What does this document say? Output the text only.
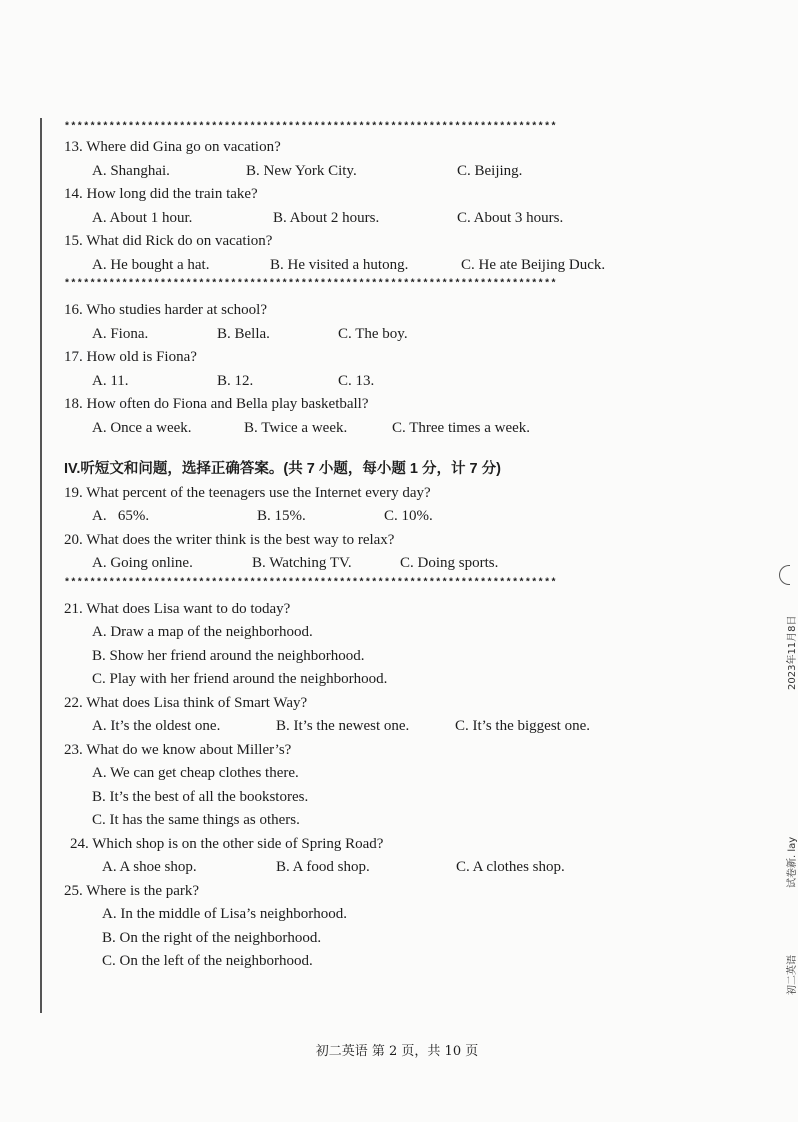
*****************************************************************************
13. Where did Gina go on vacation?
A. Shanghai.	B. New York City.	C. Beijing.
14. How long did the train take?
A. About 1 hour.	B. About 2 hours.	C. About 3 hours.
15. What did Rick do on vacation?
A. He bought a hat.	B. He visited a hutong.	C. He ate Beijing Duck.
*****************************************************************************
16. Who studies harder at school?
A. Fiona.	B. Bella.	C. The boy.
17. How old is Fiona?
A. 11.	B. 12.	C. 13.
18. How often do Fiona and Bella play basketball?
A. Once a week.	B. Twice a week.	C. Three times a week.
IV.听短文和问题，选择正确答案。(共 7 小题，每小题 1 分，计 7 分)
19. What percent of the teenagers use the Internet every day?
A.   65%.	B. 15%.	C. 10%.
20. What does the writer think is the best way to relax?
A. Going online.	B. Watching TV.	C. Doing sports.
*****************************************************************************
21. What does Lisa want to do today?
A. Draw a map of the neighborhood.
B. Show her friend around the neighborhood.
C. Play with her friend around the neighborhood.
22. What does Lisa think of Smart Way?
A. It’s the oldest one.	B. It’s the newest one.	C. It’s the biggest one.
23. What do we know about Miller’s?
A. We can get cheap clothes there.
B. It’s the best of all the bookstores.
C. It has the same things as others.
24. Which shop is on the other side of Spring Road?
A. A shoe shop.	B. A food shop.	C. A clothes shop.
25. Where is the park?
A. In the middle of Lisa’s neighborhood.
B. On the right of the neighborhood.
C. On the left of the neighborhood.
初二英语 第 2 页，共 10 页
2023年11月8日
试卷新. lay
初二英语
